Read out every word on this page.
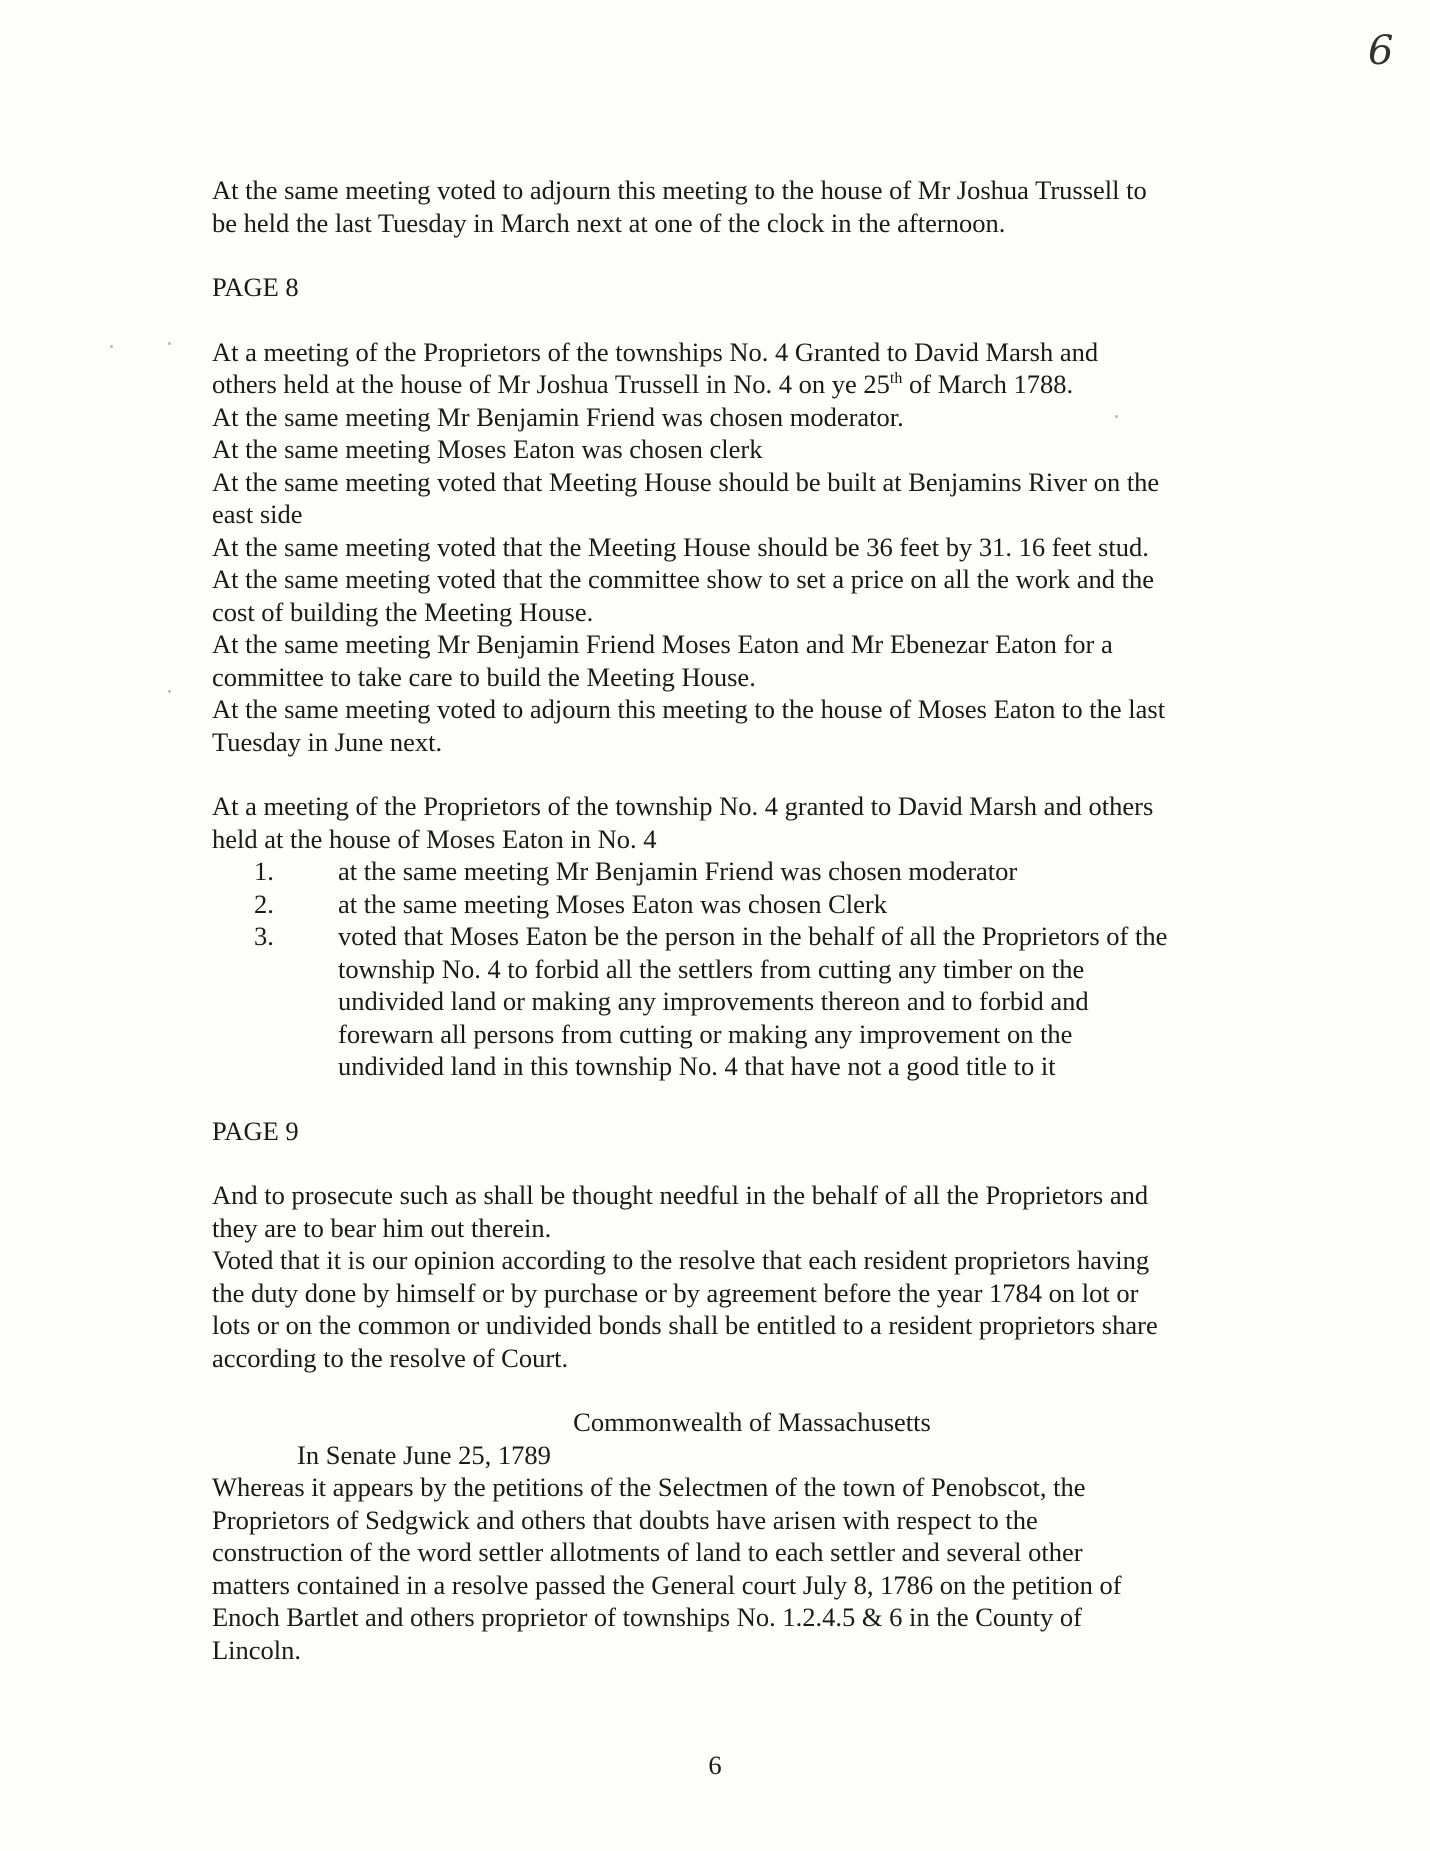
6
At the same meeting voted to adjourn this meeting to the house of Mr Joshua Trussell to
be held the last Tuesday in March next at one of the clock in the afternoon.
PAGE 8
At a meeting of the Proprietors of the townships No. 4 Granted to David Marsh and
others held at the house of Mr Joshua Trussell in No. 4 on ye 25th of March 1788.
At the same meeting Mr Benjamin Friend was chosen moderator.
At the same meeting Moses Eaton was chosen clerk
At the same meeting voted that Meeting House should be built at Benjamins River on the
east side
At the same meeting voted that the Meeting House should be 36 feet by 31. 16 feet stud.
At the same meeting voted that the committee show to set a price on all the work and the
cost of building the Meeting House.
At the same meeting Mr Benjamin Friend Moses Eaton and Mr Ebenezar Eaton for a
committee to take care to build the Meeting House.
At the same meeting voted to adjourn this meeting to the house of Moses Eaton to the last
Tuesday in June next.
At a meeting of the Proprietors of the township No. 4 granted to David Marsh and others
held at the house of Moses Eaton in No. 4
1. at the same meeting Mr Benjamin Friend was chosen moderator
2. at the same meeting Moses Eaton was chosen Clerk
3. voted that Moses Eaton be the person in the behalf of all the Proprietors of the
township No. 4 to forbid all the settlers from cutting any timber on the
undivided land or making any improvements thereon and to forbid and
forewarn all persons from cutting or making any improvement on the
undivided land in this township No. 4 that have not a good title to it
PAGE 9
And to prosecute such as shall be thought needful in the behalf of all the Proprietors and
they are to bear him out therein.
Voted that it is our opinion according to the resolve that each resident proprietors having
the duty done by himself or by purchase or by agreement before the year 1784 on lot or
lots or on the common or undivided bonds shall be entitled to a resident proprietors share
according to the resolve of Court.
Commonwealth of Massachusetts
In Senate June 25, 1789
Whereas it appears by the petitions of the Selectmen of the town of Penobscot, the
Proprietors of Sedgwick and others that doubts have arisen with respect to the
construction of the word settler allotments of land to each settler and several other
matters contained in a resolve passed the General court July 8, 1786 on the petition of
Enoch Bartlet and others proprietor of townships No. 1.2.4.5 & 6 in the County of
Lincoln.
6
